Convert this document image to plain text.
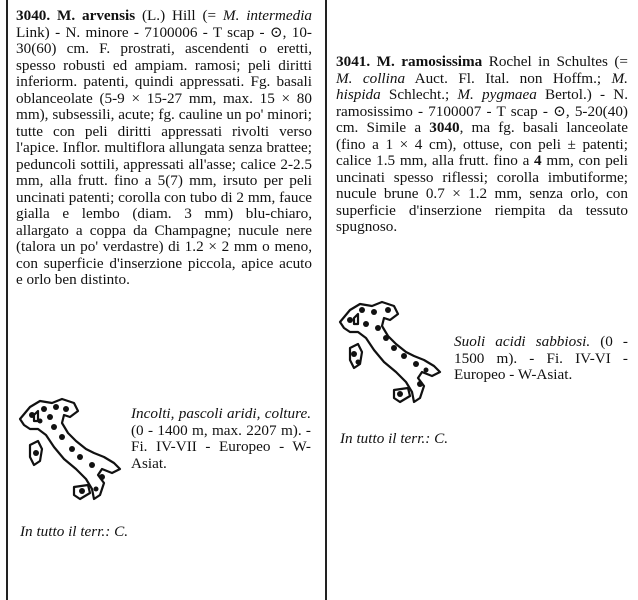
3040. M. arvensis (L.) Hill (= M. intermedia Link) - N. minore - 7100006 - T scap - ⊙, 10-30(60) cm. F. prostrati, ascendenti o eretti, spesso robusti ed ampiam. ramosi; peli diritti inferiorm. patenti, quindi appressati. Fg. basali oblanceolate (5-9 × 15-27 mm, max. 15 × 80 mm), subsessili, acute; fg. cauline un po' minori; tutte con peli diritti appressati rivolti verso l'apice. Inflor. multiflora allungata senza brattee; peduncoli sottili, appressati all'asse; calice 2-2.5 mm, alla frutt. fino a 5(7) mm, irsuto per peli uncinati patenti; corolla con tubo di 2 mm, fauce gialla e lembo (diam. 3 mm) blu-chiaro, allargato a coppa da Champagne; nucule nere (talora un po' verdastre) di 1.2 × 2 mm o meno, con superficie d'inserzione piccola, apice acuto e orlo ben distinto.

Incolti, pascoli aridi, colture. (0 - 1400 m, max. 2207 m). - Fi. IV-VII - Europeo - W-Asiat.
In tutto il terr.: C.

3041. M. ramosissima Rochel in Schultes (= M. collina Auct. Fl. Ital. non Hoffm.; M. hispida Schlecht.; M. pygmaea Bertol.) - N. ramosissimo - 7100007 - T scap - ⊙, 5-20(40) cm. Simile a 3040, ma fg. basali lanceolate (fino a 1 × 4 cm), ottuse, con peli ± patenti; calice 1.5 mm, alla frutt. fino a 4 mm, con peli uncinati spesso riflessi; corolla imbutiforme; nucule brune 0.7 × 1.2 mm, senza orlo, con superficie d'inserzione riempita da tessuto spugnoso.

Suoli acidi sabbiosi. (0 - 1500 m). - Fi. IV-VI - Europeo - W-Asiat.
In tutto il terr.: C.
